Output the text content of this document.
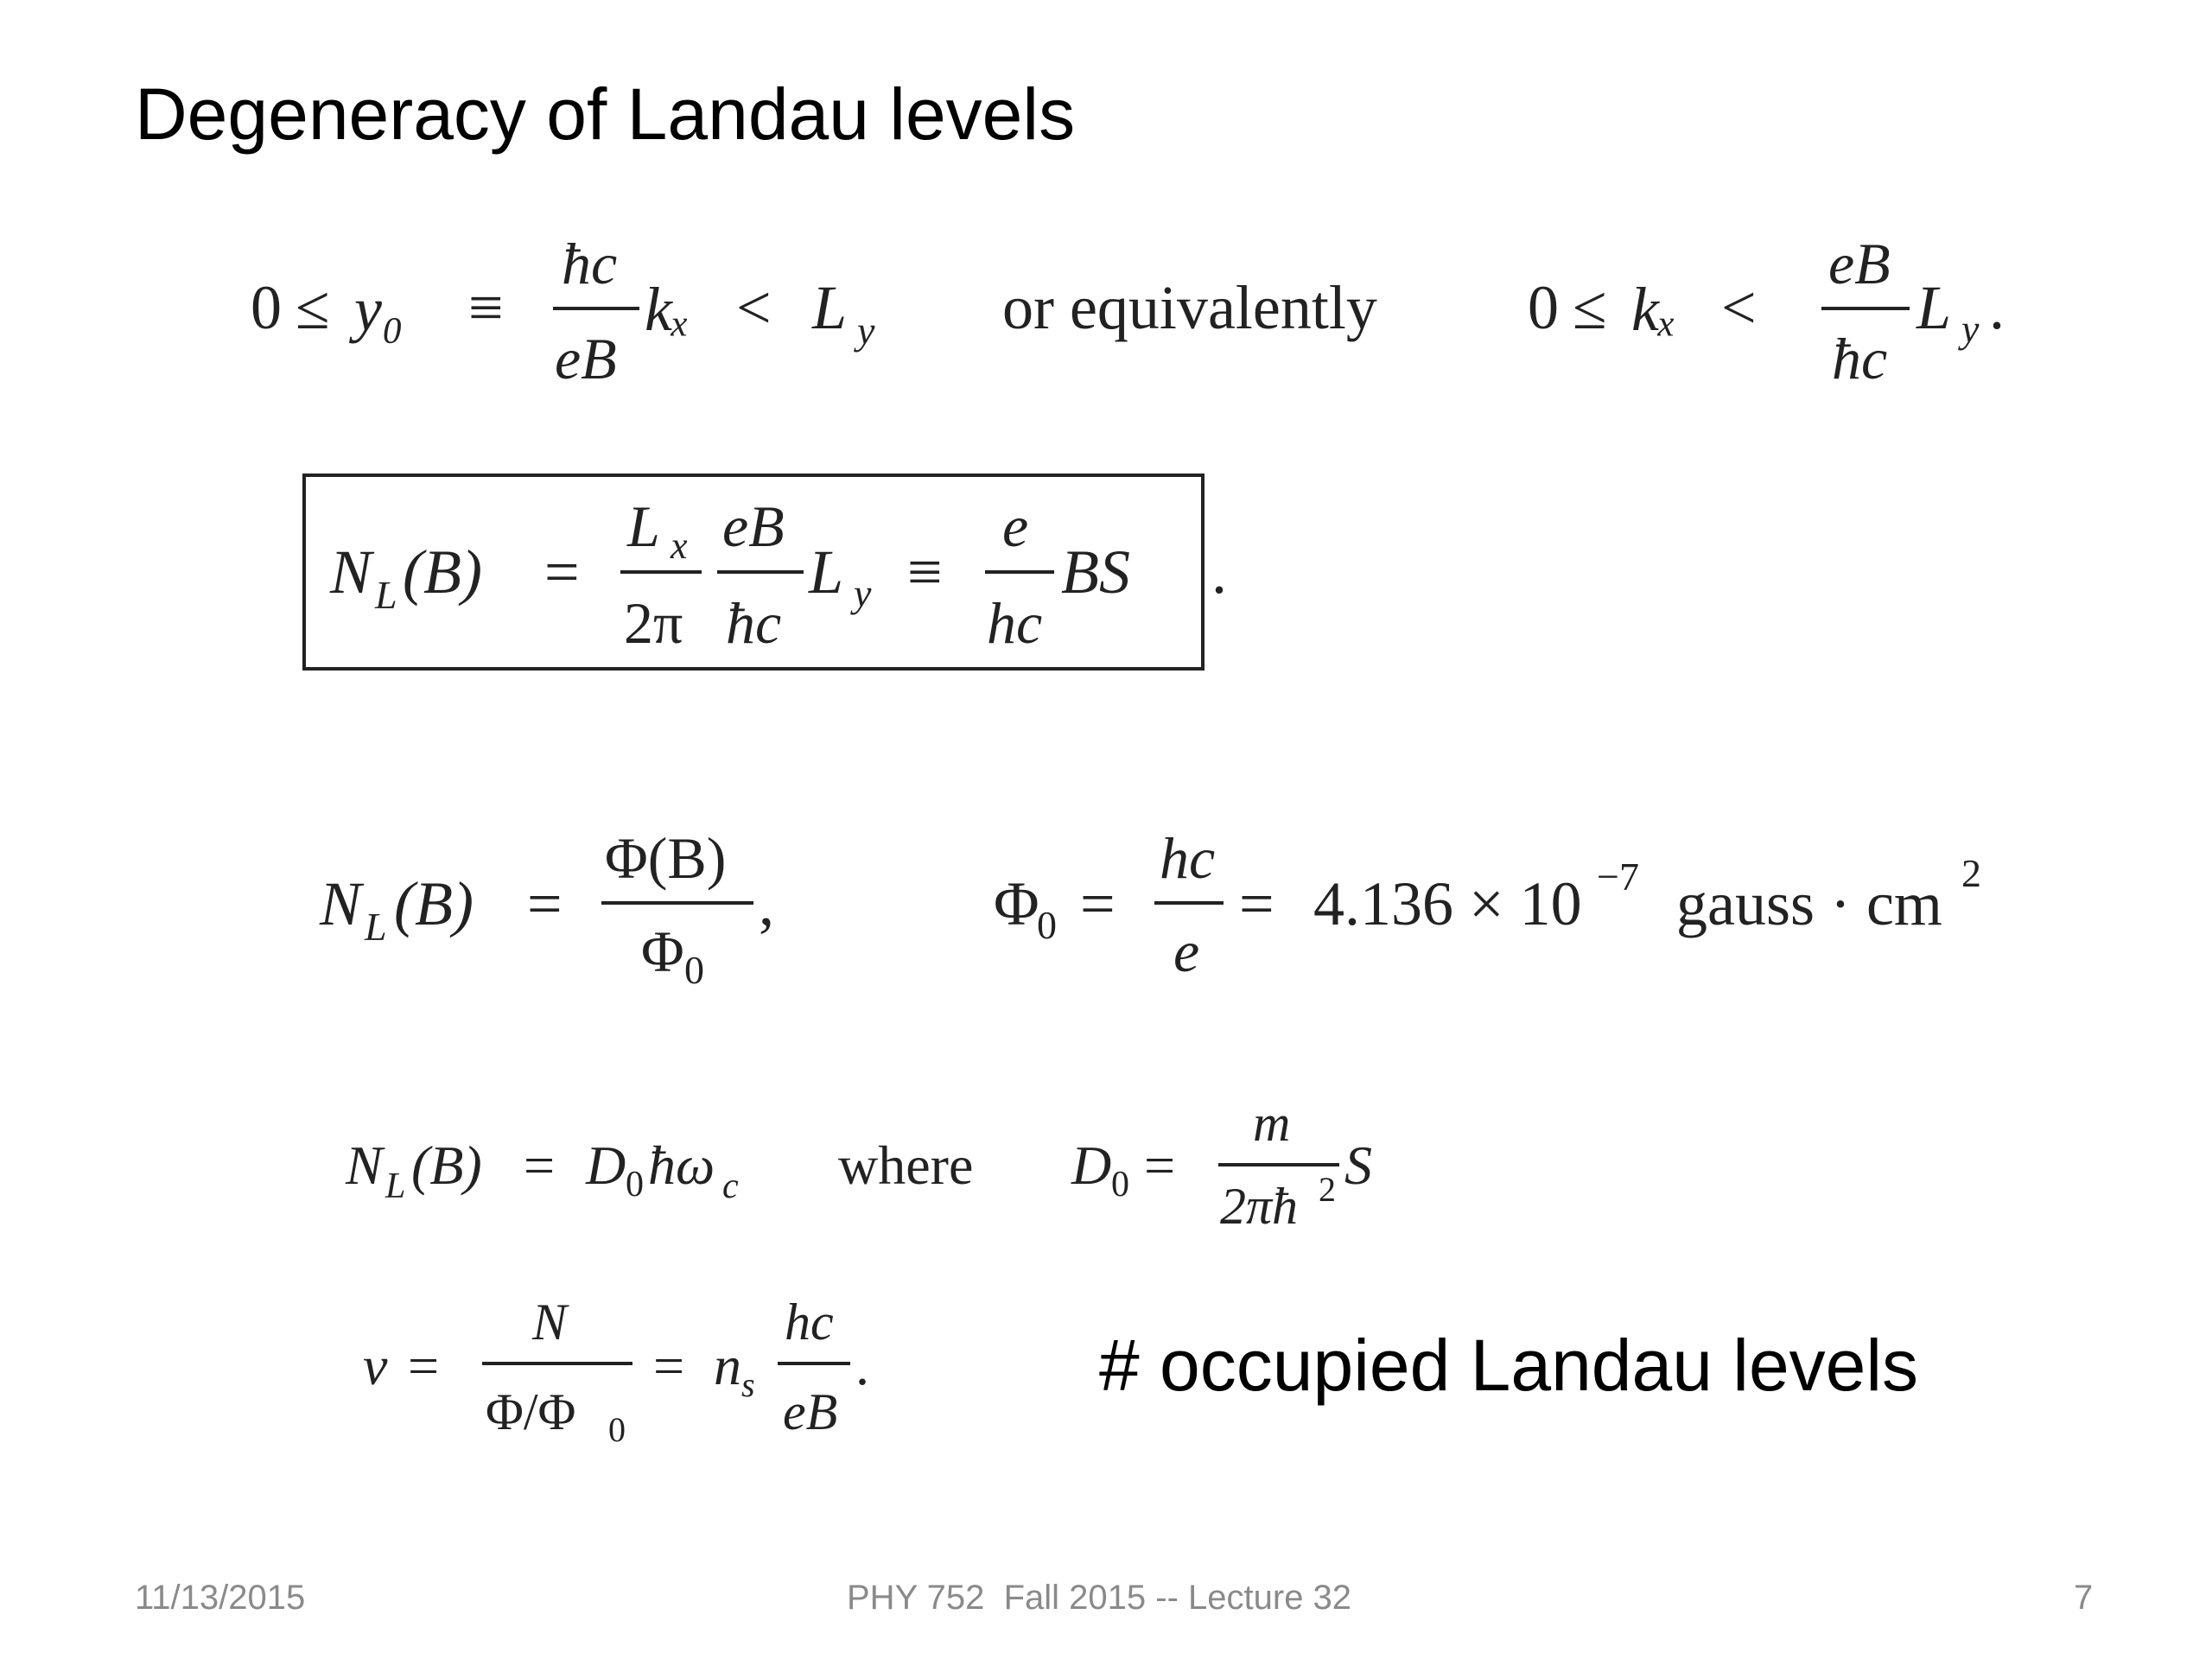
Degeneracy of Landau levels
0 ≤ y₀ ≡
ħc
eB
kₓ < L y or equivalently 0 ≤ kₓ <
eB
ħc
L y .
N L (B) =
L x
2π
eB
ħc
L y ≡
e
hc
BS .
N L (B) =
Φ(B)
Φ 0
,	Φ
0 =
hc
e
= 4.136 × 10 −7 gauss · cm 2
N L (B) = D 0 ħω c where D 0 =
m
2πħ 2 S
ν =
N
Φ/Φ 0
= n s
hc
eB
.	# occupied Landau levels
11/13/2015	PHY 752  Fall 2015 -- Lecture 32	7
